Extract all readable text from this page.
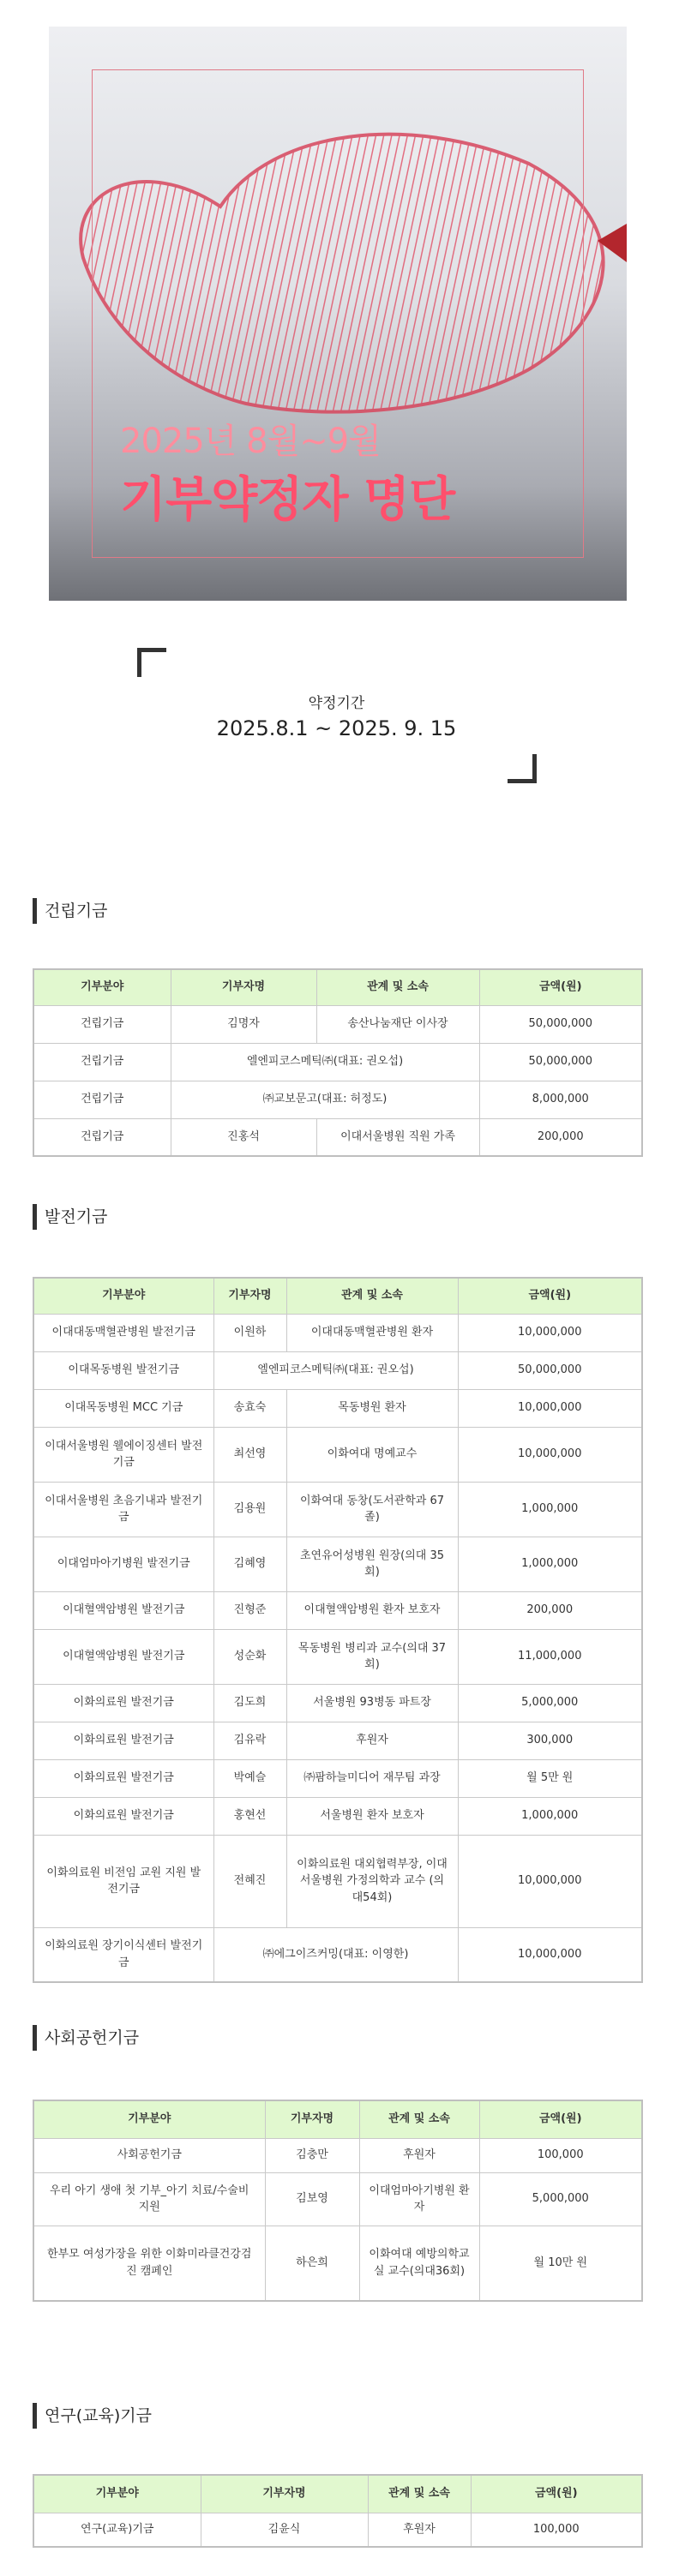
2025년 8월~9월
기부약정자 명단
약정기간
2025.8.1 ~ 2025. 9. 15
건립기금
기부분야	기부자명	관계 및 소속	금액(원)
건립기금	김명자	송산나눔재단 이사장	50,000,000
건립기금	엘엔피코스메틱㈜(대표: 권오섭)		50,000,000
건립기금	㈜교보문고(대표: 허정도)		8,000,000
건립기금	진홍석	이대서울병원 직원 가족	200,000
발전기금
기부분야	기부자명	관계 및 소속	금액(원)
이대대동맥혈관병원 발전기금	이원하	이대대동맥혈관병원 환자	10,000,000
이대목동병원 발전기금	엘엔피코스메틱㈜(대표: 권오섭)		50,000,000
이대목동병원 MCC 기금	송효숙	목동병원 환자	10,000,000
이대서울병원 웰에이징센터 발전기금	최선영	이화여대 명예교수	10,000,000
이대서울병원 초음기내과 발전기금	김용원	이화여대 동창(도서관학과 67졸)	1,000,000
이대엄마아기병원 발전기금	김혜영	초연유어성병원 원장(의대 35회)	1,000,000
이대혈액암병원 발전기금	진형준	이대혈액암병원 환자 보호자	200,000
이대혈액암병원 발전기금	성순화	목동병원 병리과 교수(의대 37회)	11,000,000
이화의료원 발전기금	김도희	서울병원 93병동 파트장	5,000,000
이화의료원 발전기금	김유락	후원자	300,000
이화의료원 발전기금	박예슬	㈜팜하늘미디어 재무팀 과장	월 5만 원
이화의료원 발전기금	홍현선	서울병원 환자 보호자	1,000,000
이화의료원 비전임 교원 지원 발전기금	전혜진	이화의료원 대외협력부장, 이대서울병원 가정의학과 교수 (의대54회)	10,000,000
이화의료원 장기이식센터 발전기금	㈜에그이즈커밍(대표: 이영한)		10,000,000
사회공헌기금
기부분야	기부자명	관계 및 소속	금액(원)
사회공헌기금	김충만	후원자	100,000
우리 아기 생애 첫 기부_아기 치료/수술비 지원	김보영	이대엄마아기병원 환자	5,000,000
한부모 여성가장을 위한 이화미라클건강검진 캠페인	하은희	이화여대 예방의학교실 교수(의대36회)	월 10만 원
연구(교육)기금
기부분야	기부자명	관계 및 소속	금액(원)
연구(교육)기금	김윤식	후원자	100,000
